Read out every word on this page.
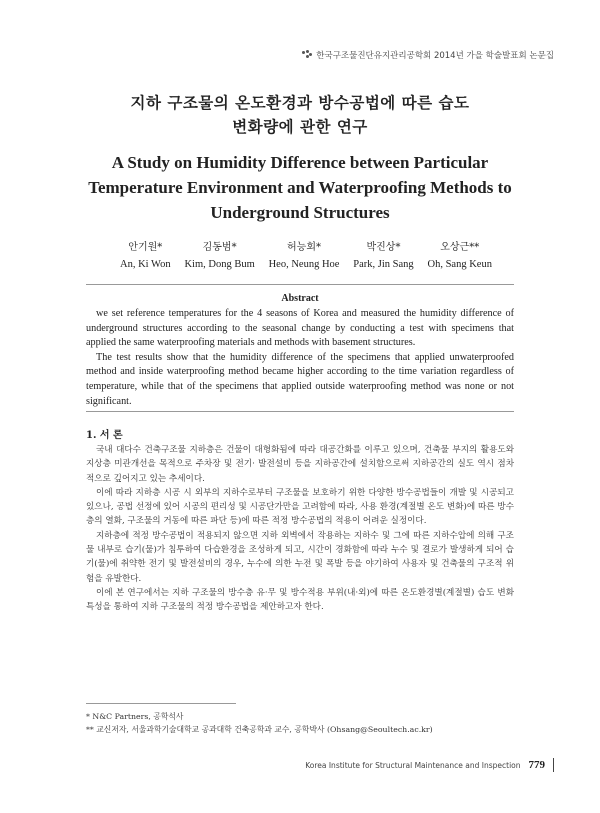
한국구조물진단유지관리공학회 2014년 가을 학술발표회 논문집
지하 구조물의 온도환경과 방수공법에 따른 습도
변화량에 관한 연구
A Study on Humidity Difference between Particular
Temperature Environment and Waterproofing Methods to
Underground Structures
안기원*
An, Ki Won
김동범*
Kim, Dong Bum
허능회*
Heo, Neung Hoe
박진상*
Park, Jin Sang
오상근**
Oh, Sang Keun
Abstract

we set reference temperatures for the 4 seasons of Korea and measured the humidity difference of underground structures according to the seasonal change by conducting a test with specimens that applied the same waterproofing materials and methods with basement structures.

The test results show that the humidity difference of the specimens that applied unwaterproofed method and inside waterproofing method became higher according to the time variation regardless of temperature, while that of the specimens that applied outside waterproofing method was none or not significant.

1. 서 론

국내 대다수 건축구조물 지하층은 건물이 대형화됨에 따라 대공간화를 이루고 있으며, 건축물 부지의 활용도와 지상층 미관개선을 목적으로 주차장 및 전기· 발전설비 등을 지하공간에 설치함으로써 지하공간의 실도 역시 점차적으로 깊어지고 있는 추세이다.

이에 따라 지하층 시공 시 외부의 지하수로부터 구조물을 보호하기 위한 다양한 방수공법들이 개발 및 시공되고 있으나, 공법 선정에 있어 시공의 편리성 및 시공단가만을 고려함에 따라, 사용 환경(계절별 온도 변화)에 따른 방수층의 열화, 구조물의 거동에 따른 파단 등)에 따른 적정 방수공법의 적용이 어려운 실정이다.

지하층에 적정 방수공법이 적용되지 않으면 지하 외벽에서 작용하는 지하수 및 그에 따른 지하수압에 의해 구조물 내부로 습기(물)가 침투하여 다습환경을 조성하게 되고, 시간이 경화함에 따라 누수 및 결로가 발생하게 되어 습기(물)에 취약한 전기 및 발전설비의 경우, 누수에 의한 누전 및 폭발 등을 야기하여 사용자 및 건축물의 구조적 위험을 유발한다.

이에 본 연구에서는 지하 구조물의 방수층 유·무 및 방수적용 부위(내·외)에 따른 온도환경별(계절별) 습도 변화 특성을 통하여 지하 구조물의 적정 방수공법을 제안하고자 한다.

* N&C Partners, 공학석사
** 교신저자, 서울과학기술대학교 공과대학 건축공학과 교수, 공학박사 (Ohsang@Seoultech.ac.kr)
Korea Institute for Structural Maintenance and Inspection 779
